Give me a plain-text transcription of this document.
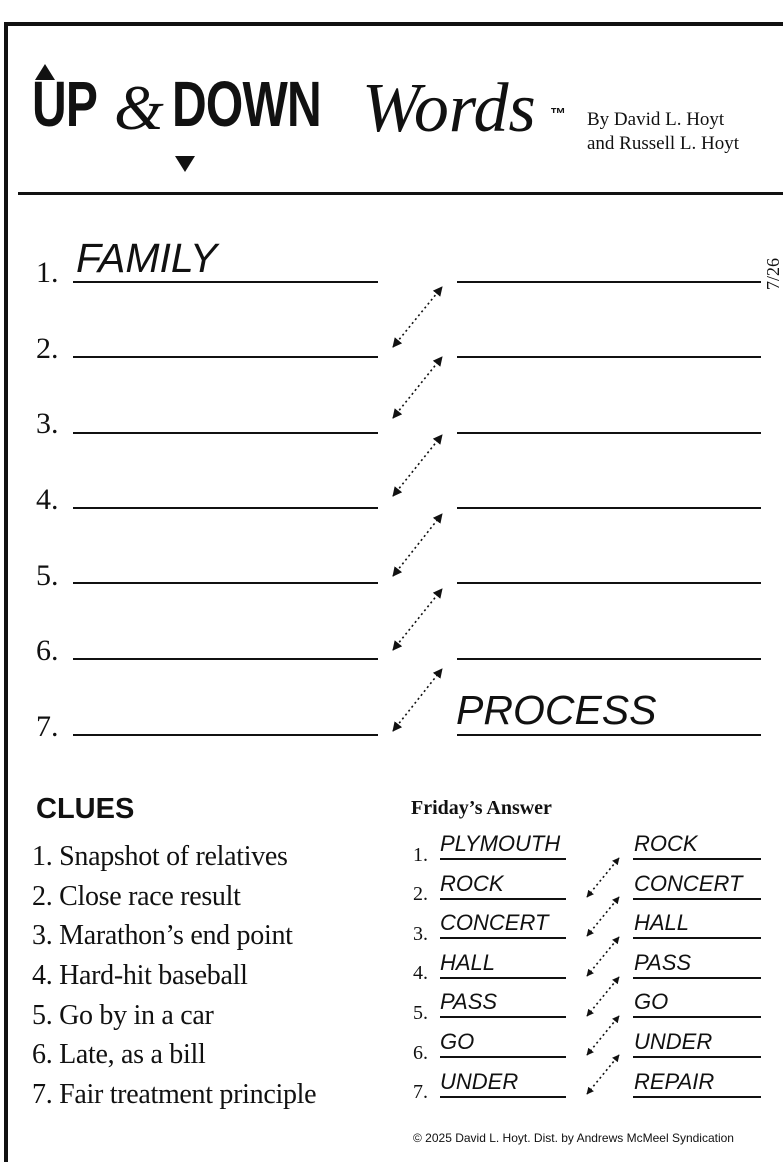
UP & DOWN Words ™ By David L. Hoyt
and Russell L. Hoyt
7/26
1.
2.
3.
4.
5.
6.
7.
FAMILY
PROCESS
CLUES
1. Snapshot of relatives
2. Close race result
3. Marathon’s end point
4. Hard-hit baseball
5. Go by in a car
6. Late, as a bill
7. Fair treatment principle
Friday’s Answer
1.
2.
3.
4.
5.
6.
7.
PLYMOUTH
ROCK
CONCERT
HALL
PASS
GO
UNDER
ROCK
CONCERT
HALL
PASS
GO
UNDER
REPAIR
© 2025 David L. Hoyt. Dist. by Andrews McMeel Syndication
